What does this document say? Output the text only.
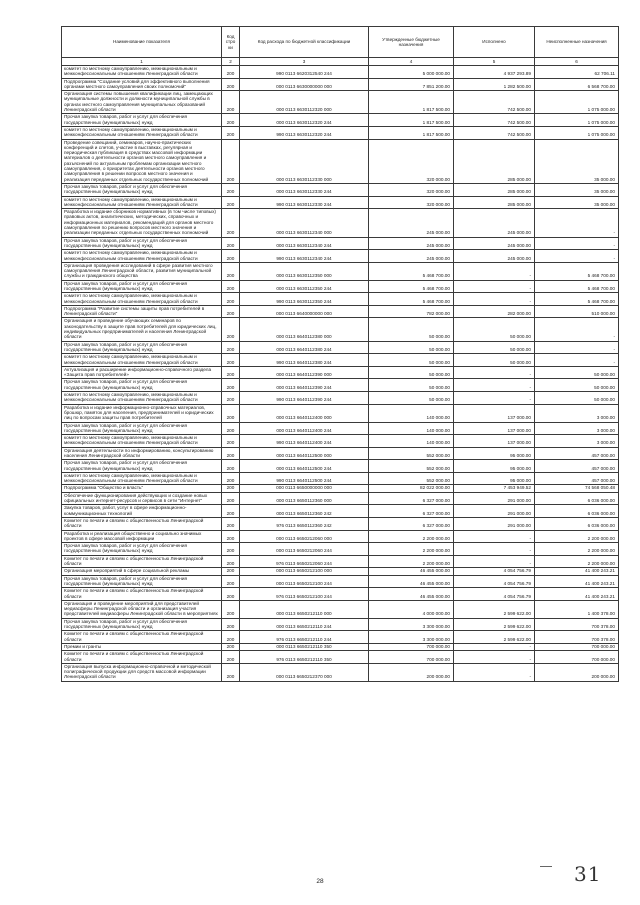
Наименование показателя	Код стро ки	Код расхода по бюджетной классификации	Утвержденные бюджетные назначения	Исполнено	Неисполненные назначения
1	2	3	4	5	6
комитет по местному самоуправлению, межнациональным и межконфессиональным отношениям Ленинградской области	200	990 0113 6620312540 244	5 000 000.00	4 937 293.89	62 706.11
Подпрограмма "Создание условий для эффективного выполнения органами местного самоуправления своих полномочий"	200	000 0113 6630000000 000	7 851 200.00	1 282 500.00	6 568 700.00
Организация системы повышения квалификации лиц, замещающих муниципальные должности и должности муниципальной службы в органах местного самоуправления муниципальных образований Ленинградской области	200	000 0113 6630112320 000	1 817 500.00	742 500.00	1 075 000.00
Прочая закупка товаров, работ и услуг для обеспечения государственных (муниципальных) нужд	200	000 0113 6630112320 244	1 817 500.00	742 500.00	1 075 000.00
комитет по местному самоуправлению, межнациональным и межконфессиональным отношениям Ленинградской области	200	990 0113 6630112320 244	1 817 500.00	742 500.00	1 075 000.00
Проведение совещаний, семинаров, научно-практических конференций и слетов, участие в выставках, регулярная и периодическая публикация в средствах массовой информации материалов о деятельности органов местного самоуправления и разъяснений по актуальным проблемам организации местного самоуправления, о приоритетах деятельности органов местного самоуправления в решении вопросов местного значения и реализация переданных отдельных государственных полномочий	200	000 0113 6630112330 000	320 000.00	285 000.00	35 000.00
Прочая закупка товаров, работ и услуг для обеспечения государственных (муниципальных) нужд	200	000 0113 6630112330 244	320 000.00	285 000.00	35 000.00
комитет по местному самоуправлению, межнациональным и межконфессиональным отношениям Ленинградской области	200	990 0113 6630112330 244	320 000.00	285 000.00	35 000.00
Разработка и издание сборников нормативных (в том числе типовых) правовых актов, аналитических, методических, справочных и информационных материалов, рекомендаций для органов местного самоуправления по решению вопросов местного значения и реализации переданных отдельных государственных полномочий	200	000 0113 6630112340 000	245 000.00	245 000.00	-
Прочая закупка товаров, работ и услуг для обеспечения государственных (муниципальных) нужд	200	000 0113 6630112340 244	245 000.00	245 000.00	-
комитет по местному самоуправлению, межнациональным и межконфессиональным отношениям Ленинградской области	200	990 0113 6630112340 244	245 000.00	245 000.00	-
Организация проведения исследований в сфере развития местного самоуправления Ленинградской области, развития муниципальной службы и гражданского общества	200	000 0113 6630112350 000	5 468 700.00	-	5 468 700.00
Прочая закупка товаров, работ и услуг для обеспечения государственных (муниципальных) нужд	200	000 0113 6630112350 244	5 468 700.00	-	5 468 700.00
комитет по местному самоуправлению, межнациональным и межконфессиональным отношениям Ленинградской области	200	990 0113 6630112350 244	5 468 700.00	-	5 468 700.00
Подпрограмма "Развитие системы защиты прав потребителей в Ленинградской области"	200	000 0113 6640000000 000	782 000.00	282 000.00	510 000.00
Организация и проведение обучающих семинаров по законодательству в защите прав потребителей для юридических лиц, индивидуальных предпринимателей и населения Ленинградской области	200	000 0113 6640112380 000	50 000.00	50 000.00	-
Прочая закупка товаров, работ и услуг для обеспечения государственных (муниципальных) нужд	200	000 0113 6640112380 244	50 000.00	50 000.00	-
комитет по местному самоуправлению, межнациональным и межконфессиональным отношениям Ленинградской области	200	990 0113 6640112380 244	50 000.00	50 000.00	-
Актуализация и расширение информационно-справочного раздела «Защита прав потребителей»	200	000 0113 6640112390 000	50 000.00	-	50 000.00
Прочая закупка товаров, работ и услуг для обеспечения государственных (муниципальных) нужд	200	000 0113 6640112390 244	50 000.00	-	50 000.00
комитет по местному самоуправлению, межнациональным и межконфессиональным отношениям Ленинградской области	200	990 0113 6640112390 244	50 000.00	-	50 000.00
Разработка и издание информационно-справочных материалов, брошюр, памяток для населения, предпринимателей и юридических лиц по вопросам защиты прав потребителей	200	000 0113 6640112400 000	140 000.00	137 000.00	3 000.00
Прочая закупка товаров, работ и услуг для обеспечения государственных (муниципальных) нужд	200	000 0113 6640112400 244	140 000.00	137 000.00	3 000.00
комитет по местному самоуправлению, межнациональным и межконфессиональным отношениям Ленинградской области	200	990 0113 6640112400 244	140 000.00	137 000.00	3 000.00
Организация деятельности по информированию, консультированию населения Ленинградской области	200	000 0113 6640112500 000	552 000.00	95 000.00	457 000.00
Прочая закупка товаров, работ и услуг для обеспечения государственных (муниципальных) нужд	200	000 0113 6640112500 244	552 000.00	95 000.00	457 000.00
комитет по местному самоуправлению, межнациональным и межконфессиональным отношениям Ленинградской области	200	990 0113 6640112500 244	552 000.00	95 000.00	457 000.00
Подпрограмма "Общество и власть"	200	000 0113 6650000000 000	82 022 000.00	7 453 949.52	74 568 050.48
Обеспечение функционирования действующих и создание новых официальных интернет-ресурсов и сервисов в сети "Интернет"	200	000 0113 6650112360 000	6 327 000.00	291 000.00	6 036 000.00
Закупка товаров, работ, услуг в сфере информационно-коммуникационных технологий	200	000 0113 6650112360 242	6 327 000.00	291 000.00	6 036 000.00
Комитет по печати и связям с общественностью Ленинградской области	200	976 0113 6650112360 242	6 327 000.00	291 000.00	6 036 000.00
Разработка и реализация общественно и социально значимых проектов в сфере массовой информации	200	000 0113 6650212060 000	2 200 000.00	-	2 200 000.00
Прочая закупка товаров, работ и услуг для обеспечения государственных (муниципальных) нужд	200	000 0113 6650212060 244	2 200 000.00	-	2 200 000.00
Комитет по печати и связям с общественностью Ленинградской области	200	976 0113 6650212060 244	2 200 000.00	-	2 200 000.00
Организация мероприятий в сфере социальной рекламы	200	000 0113 6650212100 000	46 455 000.00	4 054 756.79	41 400 243.21
Прочая закупка товаров, работ и услуг для обеспечения государственных (муниципальных) нужд	200	000 0113 6650212100 244	46 455 000.00	4 054 756.79	41 400 243.21
Комитет по печати и связям с общественностью Ленинградской области	200	976 0113 6650212100 244	46 455 000.00	4 054 756.79	41 400 243.21
Организация и проведение мероприятий для представителей медиасферы Ленинградской области и организация участия представителей медиасферы Ленинградской области в мероприятиях	200	000 0113 6650212110 000	4 000 000.00	2 599 622.00	1 400 378.00
Прочая закупка товаров, работ и услуг для обеспечения государственных (муниципальных) нужд	200	000 0113 6650212110 244	3 300 000.00	2 599 622.00	700 378.00
Комитет по печати и связям с общественностью Ленинградской области	200	976 0113 6650212110 244	3 300 000.00	2 599 622.00	700 378.00
Премии и гранты	200	000 0113 6650212110 350	700 000.00	-	700 000.00
Комитет по печати и связям с общественностью Ленинградской области	200	976 0113 6650212110 350	700 000.00	-	700 000.00
Организация выпуска информационно-справочной и методической полиграфической продукции для средств массовой информации Ленинградской области	200	000 0113 6650212370 000	200 000.00	-	200 000.00
28	31
